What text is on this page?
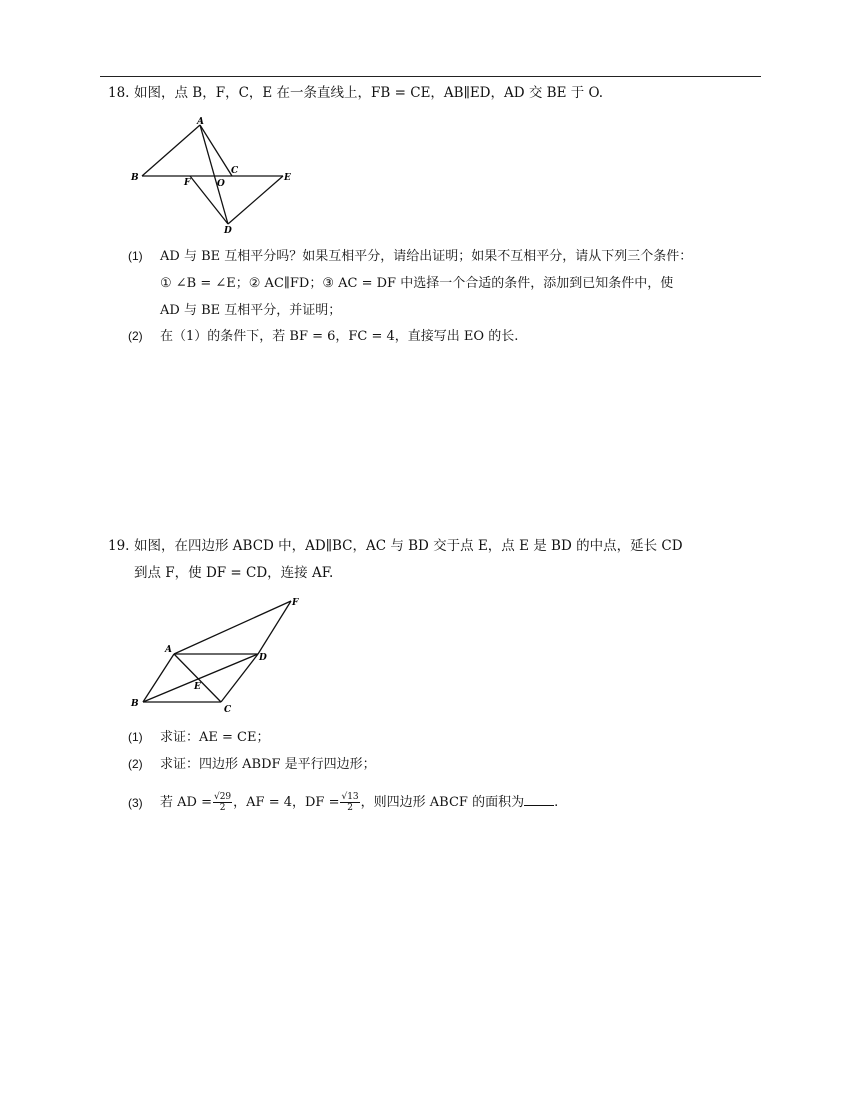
18. 如图，点 B，F，C，E 在一条直线上，FB = CE，AB∥ED，AD 交 BE 于 O.
A
B	F	O
C
E
D
(1) AD 与 BE 互相平分吗？如果互相平分，请给出证明；如果不互相平分，请从下列三个条件：
① ∠B = ∠E；② AC∥FD；③ AC = DF 中选择一个合适的条件，添加到已知条件中，使
AD 与 BE 互相平分，并证明；
(2) 在（1）的条件下，若 BF = 6，FC = 4，直接写出 EO 的长.
19. 如图，在四边形 ABCD 中，AD∥BC，AC 与 BD 交于点 E，点 E 是 BD 的中点，延长 CD
到点 F，使 DF = CD，连接 AF.
A
B
C
D
E
F
(1) 求证：AE = CE；
(2) 求证：四边形 ABDF 是平行四边形；
(3) 若 AD = $\frac{√29}{2}$ ，AF = 4，DF = $\frac{√13}{2}$ ，则四边形 ABCF 的面积为 .
